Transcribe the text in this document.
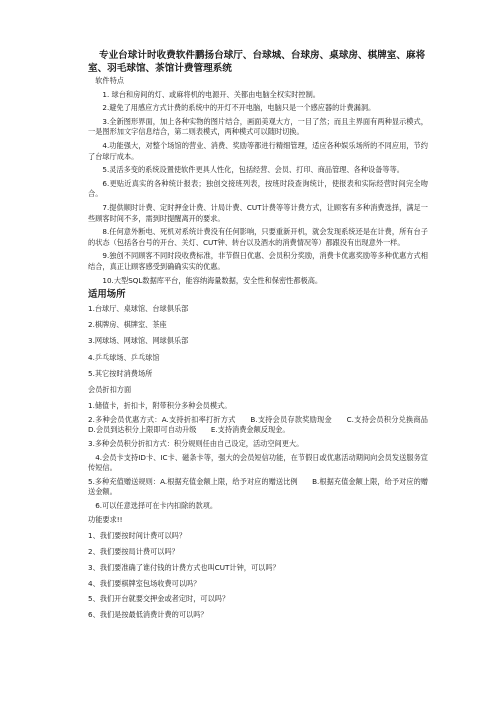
专业台球计时收费软件鹏扬台球厅、台球城、台球房、桌球房、棋牌室、麻将室、羽毛球馆、茶馆计费管理系统
软件特点
1. 球台和房间的灯、或麻将机的电源开、关都由电脑全权实时控制。
2.避免了用感应方式计费的系统中的开灯不开电脑，电脑只是一个感应器的计费漏洞。
3.全新图形界面，加上各种实物的图片结合，画面美观大方，一目了然；而且主界面有两种显示模式，一是图形加文字信息结合，第二则表模式，两种模式可以随时切换。
4.功能强大，对整个场馆的营业、消费、奖励等都进行精细管理，适应各种娱乐场所的不同应用，节约了台球厅成本。
5.灵活多变的系统设置使软件更具人性化，包括经营、会员、打印、商品管理、各种设备等等。
6.更贴近真实的各种统计报表；独创交接班列表，按班时段查询统计，使报表和实际经营时间完全吻合。
7.提供顺时计费、定时押金计费、计局计费、CUT计费等等计费方式，让顾客有多种消费选择，满足一些顾客时间不多，需到时提醒离开的要求。
8.任何意外断电、死机对系统计费没有任何影响，只要重新开机，就会发现系统还是在计费，所有台子的状态（包括各台号的开台、关灯、CUT钟、转台以及酒水的消费情况等）都跟没有出现意外一样。
9.独创不同顾客不同时段收费标准，非节假日优惠、会员积分奖励，消费卡优惠奖励等多种优惠方式相结合，真正让顾客感受到确确实实的优惠。
10.大型SQL数据库平台，能容纳海量数据，安全性和保密性都极高。
适用场所
1.台球厅、桌球馆、台球俱乐部
2.棋牌房、棋牌室、茶座
3.网球场、网球馆、网球俱乐部
4.乒乓球场、乒乓球馆
5.其它按时消费场所
会员折扣方面
1.储值卡，折扣卡，附带积分多种会员模式。
2.多种会员优惠方式：A.支持折扣率打折方式　　B.支持会员存款奖励现金　　C.支持会员积分兑换商品　　D.会员到达积分上限即可自动升级　　E.支持消费金额反现金。
3.多种会员积分折扣方式：积分规则任由自己设定，活动空间更大。
4.会员卡支持ID卡、IC卡、磁条卡等，强大的会员短信功能，在节假日或优惠活动期间向会员发送服务宣传短信。
5.多种充值赠送规则：A.根据充值金额上限，给予对应的赠送比例　　B.根据充值金额上限，给予对应的赠送金额。
6.可以任意选择可在卡内扣除的款项。
功能要求!!
1、我们要按时间计费可以吗？
2、我们要按局计费可以吗？
3、我们要准确了谁付钱的计费方式也叫CUT计钟，可以吗？
4、我们要棋牌室包场收费可以吗？
5、我们开台就要交押金或者定时，可以吗？
6、我们是按最低消费计费的可以吗？
